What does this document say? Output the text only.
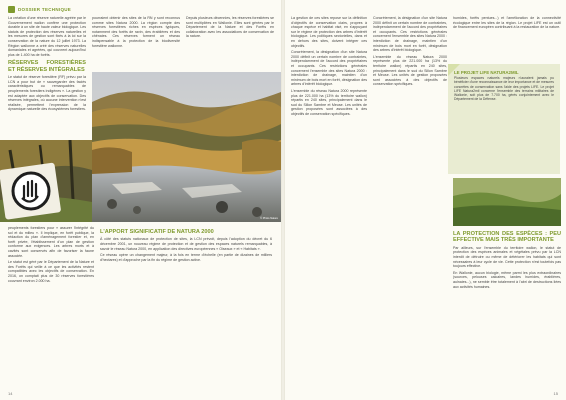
DOSSIER TECHNIQUE

La création d'une réserve naturelle agréée par le Gouvernement wallon confère une protection durable à un site de haute valeur biologique. Les statuts de protection des réserves naturelles et les mesures de gestion sont fixés à la loi sur la conservation de la nature du 12 juillet 1973. La Région wallonne a créé des réserves naturelles domaniales et agréées, qui couvrent aujourd'hui plus de 1.400 ha de forêts.

RÉSERVES FORESTIÈRES ET RÉSERVES INTÉGRALES

Le statut de réserve forestière (RF) prévu par la LCN a pour but de « sauvegarder des faciès caractéristiques ou remarquables de peuplements forestiers indigènes ». La gestion y est adaptée aux objectifs de conservation. Des réserves intégrales, où aucune intervention n'est réalisée, permettent l'expression de la dynamique naturelle des écosystèmes forestiers.

pourraient obtenir des sites de la RN y sont reconnus comme sites Natura 2000. La région compte des réserves forestières riches en espèces typiques, notamment des forêts de ravin, des érablières et des chênaies. Ces réserves forment un réseau indispensable à la protection de la biodiversité forestière wallonne.

Depuis plusieurs décennies, les réserves forestières se sont multipliées en Wallonie. Elles sont gérées par le Département de la Nature et des Forêts en collaboration avec les associations de conservation de la nature.

© Photo Nature

peuplements forestiers pour « assurer l'intégrité du sol et du milieu ». Il implique, en forêt publique, la rédaction du plan d'aménagement forestier et, en forêt privée, l'établissement d'un plan de gestion conforme aux exigences. Les arbres morts et à cavités sont conservés afin de favoriser la faune associée.

Le statut est géré par le Département de la Nature et des Forêts qui veille à ce que les activités restent compatibles avec les objectifs de conservation. En 2016, on comptait plus de 30 réserves forestières couvrant environ 2.000 ha.

L'APPORT SIGNIFICATIF DE NATURA 2000

À côté des statuts nationaux de protection de sites, la LCN prévoit, depuis l'adoption du décret du 6 décembre 2001, un nouveau régime de protection et de gestion des espaces naturels remarquables, à savoir le réseau Natura 2000, en application des directives européennes « Oiseaux » et « Habitats ».

Ce réseau opère un changement majeur, à la fois en terme d'échelle (en partie de dizaines de milliers d'hectares) et d'approche par la fin du régime de gestion active.

14

La gestion de ces sites repose sur la définition d'objectifs de conservation clairs, propres à chaque espèce et habitat visé, en s'appuyant sur le régime de protection des arbres d'intérêt biologique. Les politiques sectorielles, dans et en dehors des sites, doivent intégrer ces objectifs.

Concrètement, la désignation d'un site Natura 2000 définit un certain nombre de contraintes, indépendamment de l'accord des propriétaires et occupants. Ces restrictions générales concernent l'ensemble des sites Natura 2000 : interdiction de drainage, maintien d'un minimum de bois mort en forêt, désignation des arbres d'intérêt biologique.

L'ensemble du réseau Natura 2000 représente plus de 221.000 ha (13% du territoire wallon) répartis en 240 sites, principalement dans le sud du Sillon Sambre et Meuse. Les unités de gestion proposées sont associées à des objectifs de conservation spécifiques.

Concrètement, la désignation d'un site Natura 2000 définit un certain nombre de contraintes, indépendamment de l'accord des propriétaires et occupants. Ces restrictions générales concernent l'ensemble des sites Natura 2000 : interdiction de drainage, maintien d'un minimum de bois mort en forêt, désignation des arbres d'intérêt biologique.

L'ensemble du réseau Natura 2000 représente plus de 221.000 ha (13% du territoire wallon) répartis en 240 sites, principalement dans le sud du Sillon Sambre et Meuse. Les unités de gestion proposées sont associées à des objectifs de conservation spécifiques.

humides, forêts pentues...) et l'amélioration de la connectivité écologique entre les sites de la région. Le projet LIFE est un outil de financement européen contribuant à la restauration de la nature.

LA PROTECTION DES ESPÈCES : PEU EFFECTIVE MAIS TRÈS IMPORTANTE

Par ailleurs, sur l'ensemble du territoire wallon, le statut de protection des espèces animales et végétales prévu par la LCN interdit de détruire ou même de détériorer les habitats qui sont nécessaires à leur cycle de vie. Cette protection n'est toutefois pas toujours effective.

En Wallonie, aucun biologie, même parmi les plus extraordinaires (sources, pelouses calcaires, landes humides, érablières, aulnaies...), ne semble être totalement à l'abri de destructions liées aux activités humaines.

15
LE PROJET LIFE NATURA2MIL
Plusieurs espaces naturels majeurs n'auraient jamais pu bénéficier d'une reconnaissance de leur importance et de mesures concrètes de conservation sans l'aide des projets LIFE. Le projet LIFE Natura2mil concerne l'ensemble des terrains militaires de Wallonie, soit plus de 7.700 ha, gérés conjointement avec le Département de la Défense.
